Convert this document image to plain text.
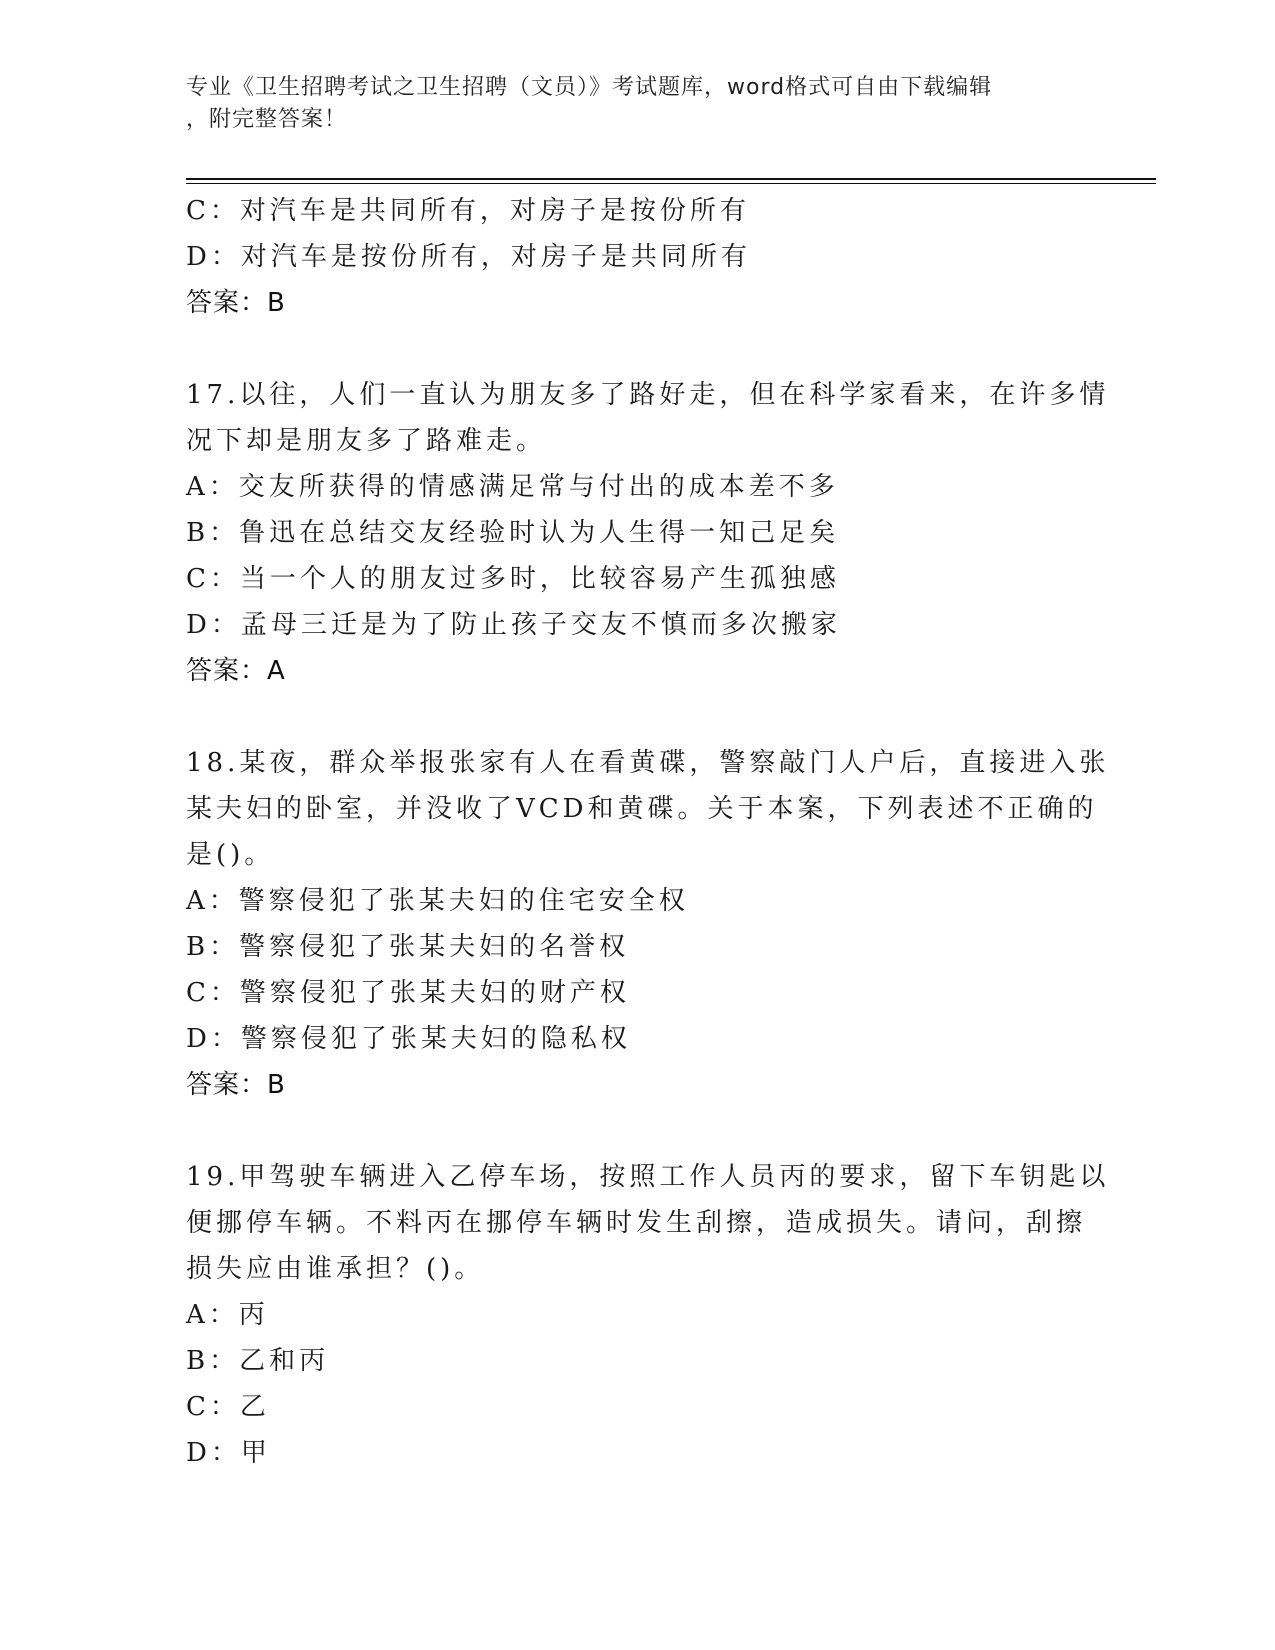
专业《卫生招聘考试之卫生招聘（文员）》考试题库，word格式可自由下载编辑
，附完整答案！
C：对汽车是共同所有，对房子是按份所有
D：对汽车是按份所有，对房子是共同所有
答案：B
17.以往，人们一直认为朋友多了路好走，但在科学家看来，在许多情
况下却是朋友多了路难走。
A：交友所获得的情感满足常与付出的成本差不多
B：鲁迅在总结交友经验时认为人生得一知己足矣
C：当一个人的朋友过多时，比较容易产生孤独感
D：孟母三迁是为了防止孩子交友不慎而多次搬家
答案：A
18.某夜，群众举报张家有人在看黄碟，警察敲门人户后，直接进入张
某夫妇的卧室，并没收了VCD和黄碟。关于本案，下列表述不正确的
是()。
A：警察侵犯了张某夫妇的住宅安全权
B：警察侵犯了张某夫妇的名誉权
C：警察侵犯了张某夫妇的财产权
D：警察侵犯了张某夫妇的隐私权
答案：B
19.甲驾驶车辆进入乙停车场，按照工作人员丙的要求，留下车钥匙以
便挪停车辆。不料丙在挪停车辆时发生刮擦，造成损失。请问，刮擦
损失应由谁承担？()。
A：丙
B：乙和丙
C：乙
D：甲
